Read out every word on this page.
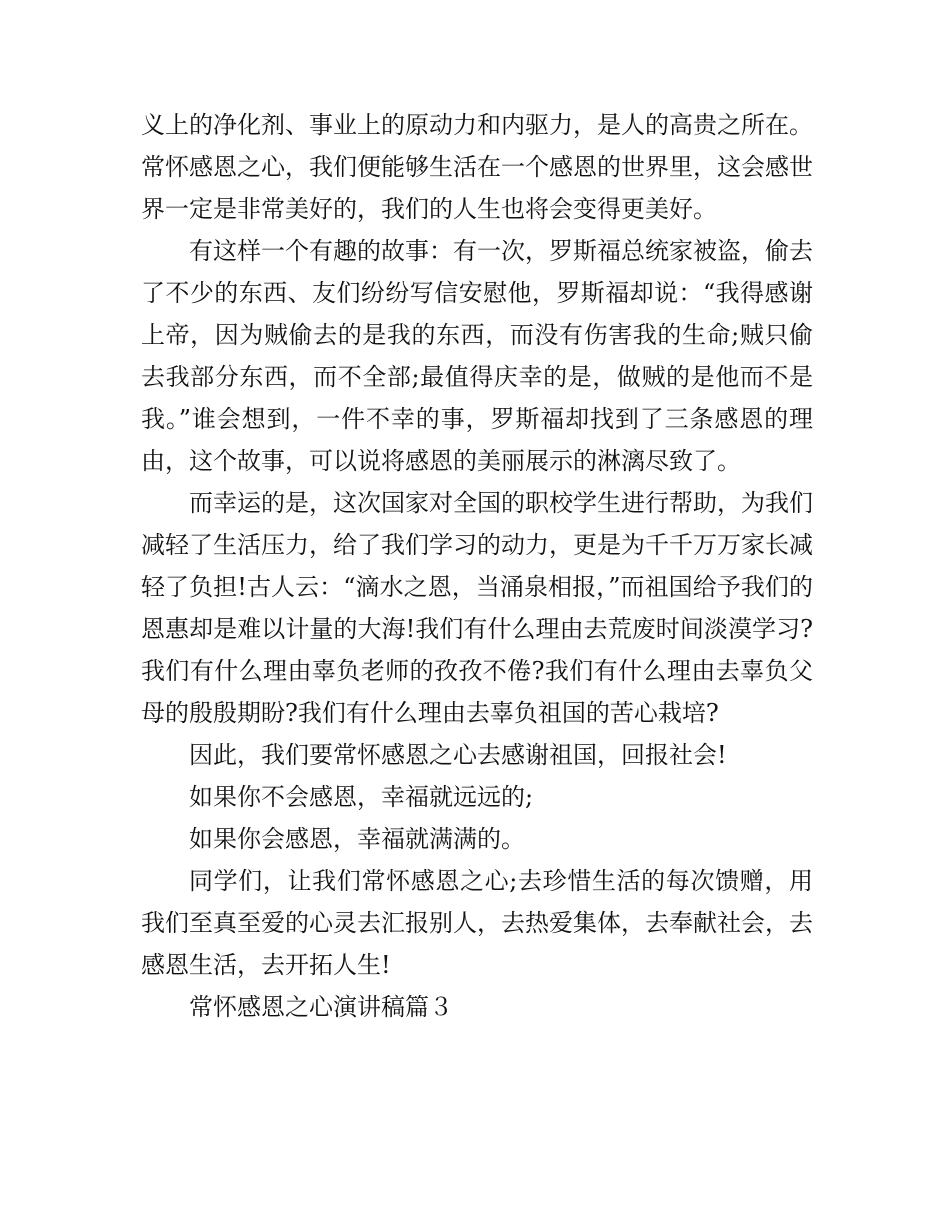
义上的净化剂、事业上的原动力和内驱力，是人的高贵之所在。常怀感恩之心，我们便能够生活在一个感恩的世界里，这会感世界一定是非常美好的，我们的人生也将会变得更美好。

有这样一个有趣的故事：有一次，罗斯福总统家被盗，偷去了不少的东西、友们纷纷写信安慰他，罗斯福却说：“我得感谢上帝，因为贼偷去的是我的东西，而没有伤害我的生命;贼只偷去我部分东西，而不全部;最值得庆幸的是，做贼的是他而不是我。”谁会想到，一件不幸的事，罗斯福却找到了三条感恩的理由，这个故事，可以说将感恩的美丽展示的淋漓尽致了。

而幸运的是，这次国家对全国的职校学生进行帮助，为我们减轻了生活压力，给了我们学习的动力，更是为千千万万家长减轻了负担!古人云：“滴水之恩，当涌泉相报，”而祖国给予我们的恩惠却是难以计量的大海!我们有什么理由去荒废时间淡漠学习?我们有什么理由辜负老师的孜孜不倦?我们有什么理由去辜负父母的殷殷期盼?我们有什么理由去辜负祖国的苦心栽培?

因此，我们要常怀感恩之心去感谢祖国，回报社会!

如果你不会感恩，幸福就远远的;

如果你会感恩，幸福就满满的。

同学们，让我们常怀感恩之心;去珍惜生活的每次馈赠，用我们至真至爱的心灵去汇报别人，去热爱集体，去奉献社会，去感恩生活，去开拓人生!

常怀感恩之心演讲稿篇３
